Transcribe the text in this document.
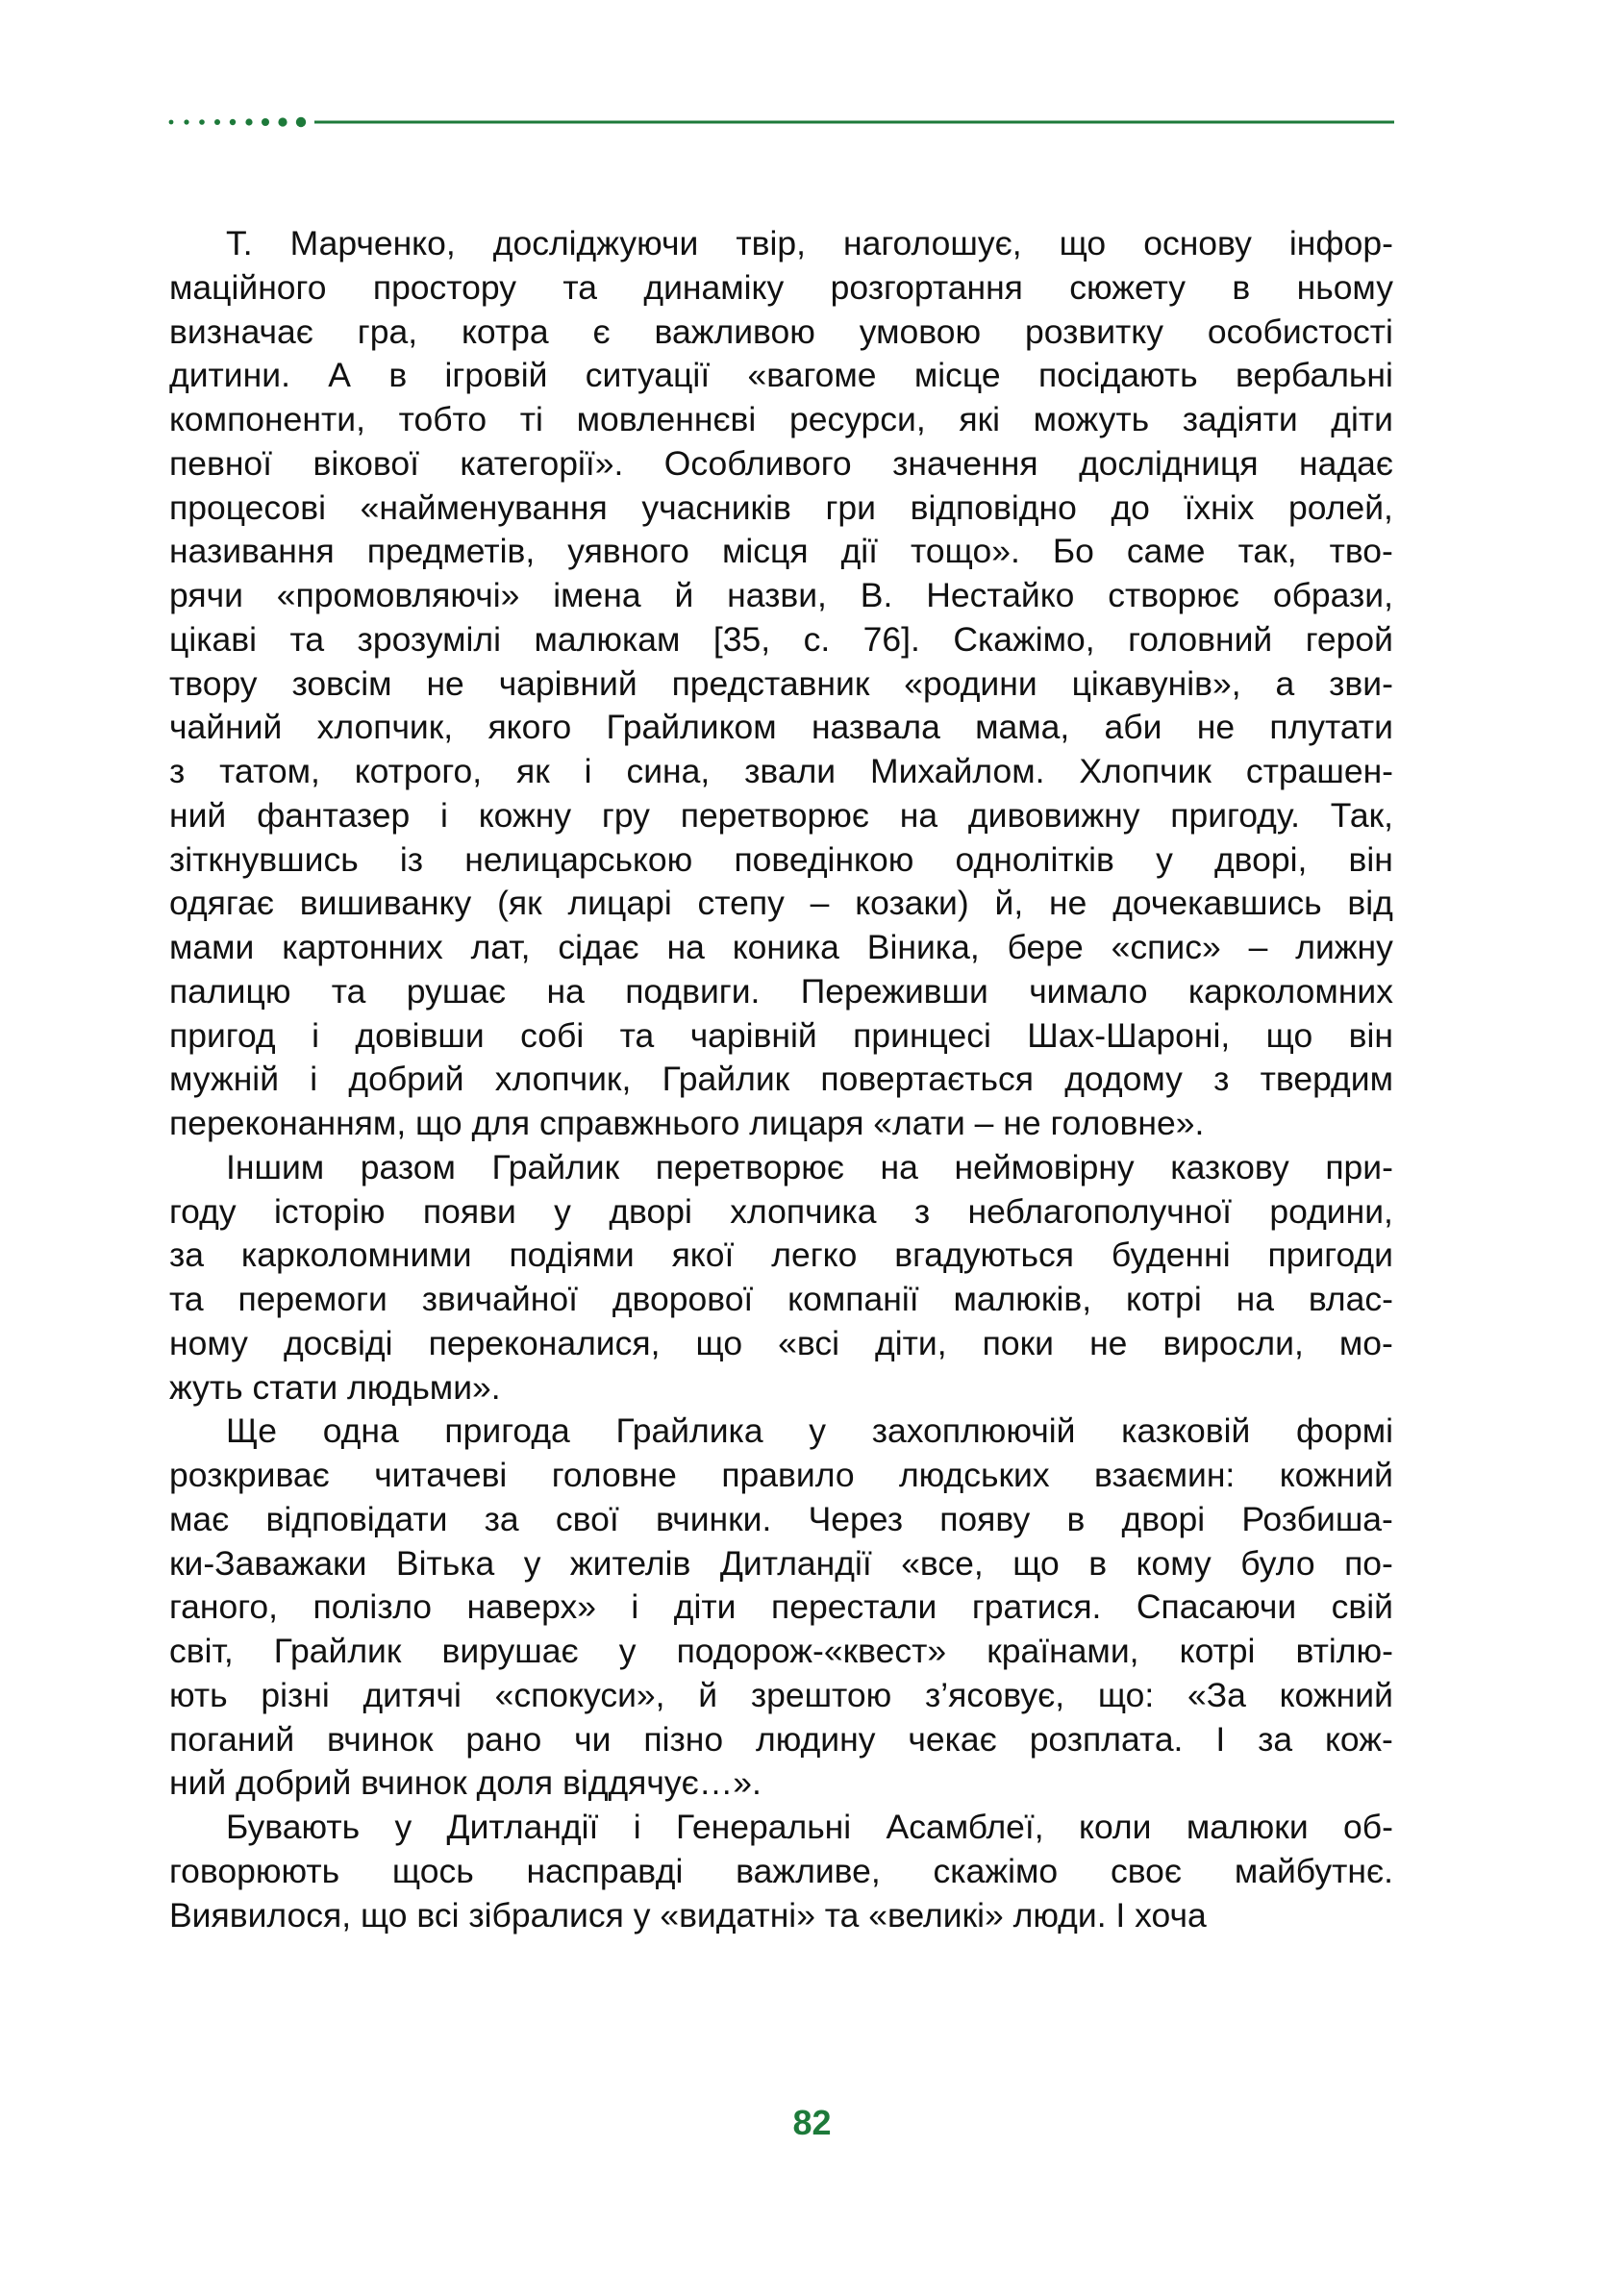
Т. Марченко, досліджуючи твір, наголошує, що основу інфор-
маційного простору та динаміку розгортання сюжету в ньому
визначає гра, котра є важливою умовою розвитку особистості
дитини. А в ігровій ситуації «вагоме місце посідають вербальні
компоненти, тобто ті мовленнєві ресурси, які можуть задіяти діти
певної вікової категорії». Особливого значення дослідниця надає
процесові «найменування учасників гри відповідно до їхніх ролей,
називання предметів, уявного місця дії тощо». Бо саме так, тво-
рячи «промовляючі» імена й назви, В. Нестайко створює образи,
цікаві та зрозумілі малюкам [35, с. 76]. Скажімо, головний герой
твору зовсім не чарівний представник «родини цікавунів», а зви-
чайний хлопчик, якого Грайликом назвала мама, аби не плутати
з татом, котрого, як і сина, звали Михайлом. Хлопчик страшен-
ний фантазер і кожну гру перетворює на дивовижну пригоду. Так,
зіткнувшись із нелицарською поведінкою однолітків у дворі, він
одягає вишиванку (як лицарі степу – козаки) й, не дочекавшись від
мами картонних лат, сідає на коника Віника, бере «спис» – лижну
палицю та рушає на подвиги. Переживши чимало карколомних
пригод і довівши собі та чарівній принцесі Шах-Шароні, що він
мужній і добрий хлопчик, Грайлик повертається додому з твердим
переконанням, що для справжнього лицаря «лати – не головне».
Іншим разом Грайлик перетворює на неймовірну казкову при-
году історію появи у дворі хлопчика з неблагополучної родини,
за карколомними подіями якої легко вгадуються буденні пригоди
та перемоги звичайної дворової компанії малюків, котрі на влас-
ному досвіді переконалися, що «всі діти, поки не виросли, мо-
жуть стати людьми».
Ще одна пригода Грайлика у захоплюючій казковій формі
розкриває читачеві головне правило людських взаємин: кожний
має відповідати за свої вчинки. Через появу в дворі Розбиша-
ки-Заважаки Вітька у жителів Дитландії «все, що в кому було по-
ганого, полізло наверх» і діти перестали гратися. Спасаючи свій
світ, Грайлик вирушає у подорож-«квест» країнами, котрі втілю-
ють різні дитячі «спокуси», й зрештою з’ясовує, що: «За кожний
поганий вчинок рано чи пізно людину чекає розплата. І за кож-
ний добрий вчинок доля віддячує…».
Бувають у Дитландії і Генеральні Асамблеї, коли малюки об-
говорюють щось насправді важливе, скажімо своє майбутнє.
Виявилося, що всі зібралися у «видатні» та «великі» люди. І хоча
82
